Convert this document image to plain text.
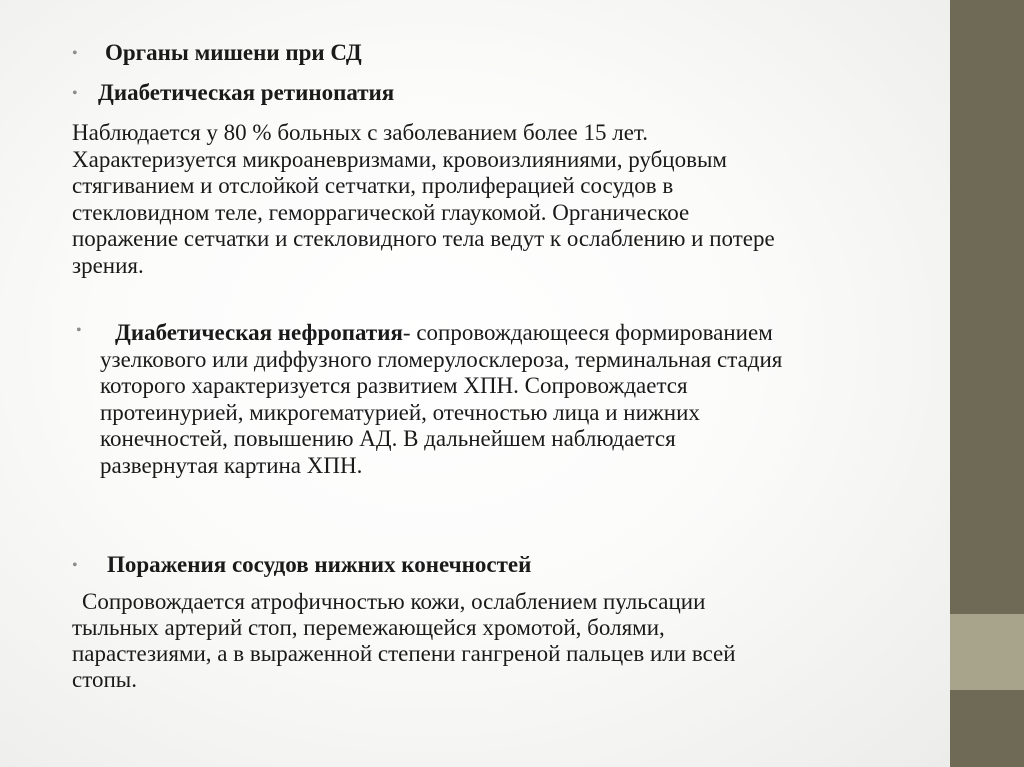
• Органы мишени при СД
• Диабетическая ретинопатия
Наблюдается у 80 % больных с заболеванием более 15 лет.
Характеризуется микроаневризмами, кровоизлияниями, рубцовым
стягиванием и отслойкой сетчатки, пролиферацией сосудов в
стекловидном теле, геморрагической глаукомой. Органическое
поражение сетчатки и стекловидного тела ведут к ослаблению и потере
зрения.
•	Диабетическая нефропатия- сопровождающееся формированием
узелкового или диффузного гломерулосклероза, терминальная стадия
которого характеризуется развитием ХПН. Сопровождается
протеинурией, микрогематурией, отечностью лица и нижних
конечностей, повышению АД. В дальнейшем наблюдается
развернутая картина ХПН.
• Поражения сосудов нижних конечностей
Сопровождается атрофичностью кожи, ослаблением пульсации
тыльных артерий стоп, перемежающейся хромотой, болями,
парастезиями, а в выраженной степени гангреной пальцев или всей
стопы.
